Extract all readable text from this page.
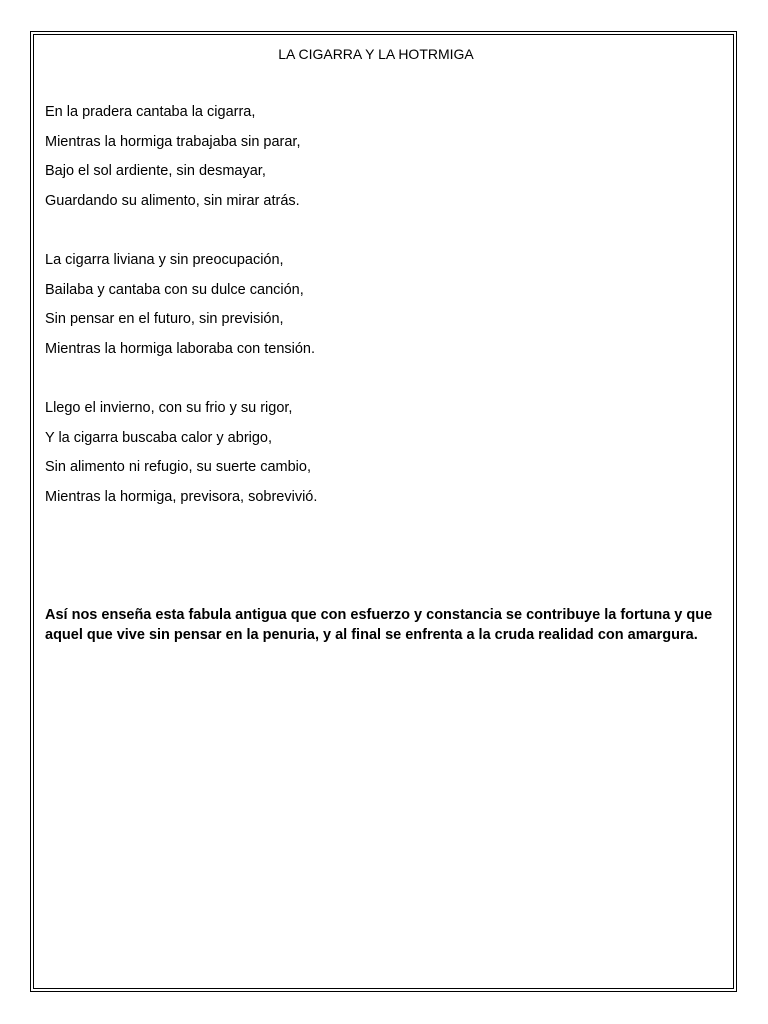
LA CIGARRA Y LA HOTRMIGA
En la pradera cantaba la cigarra,
Mientras la hormiga trabajaba sin parar,
Bajo el sol ardiente, sin desmayar,
Guardando su alimento, sin mirar atrás.
La cigarra liviana y sin preocupación,
Bailaba y cantaba con su dulce canción,
Sin pensar en el futuro, sin previsión,
Mientras la hormiga laboraba con tensión.
Llego el invierno, con su frio y su rigor,
Y la cigarra buscaba calor y abrigo,
Sin alimento ni refugio, su suerte cambio,
Mientras la hormiga, previsora, sobrevivió.

Así nos enseña esta fabula antigua que con esfuerzo y constancia se contribuye la fortuna y que aquel que vive sin pensar en la penuria, y al final se enfrenta a la cruda realidad con amargura.
